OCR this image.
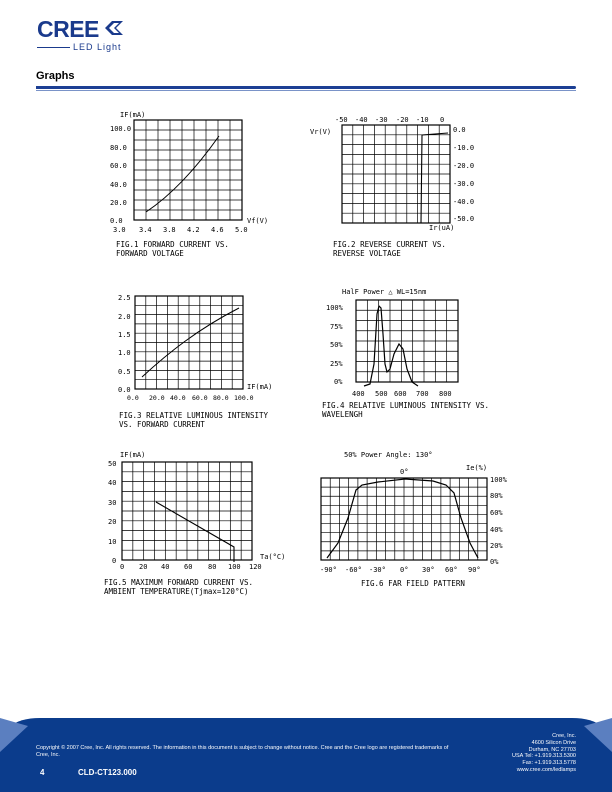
CREE
LED Light
Graphs
IF(mA)
100.0
80.0
60.0
40.0
20.0
0.0
3.0 3.4 3.8 4.2 4.6 5.0
Vf(V)
FIG.1 FORWARD CURRENT VS.
FORWARD VOLTAGE
Vr(V)
-50 -40 -30 -20 -10 0
0.0
-10.0
-20.0
-30.0
-40.0
-50.0
Ir(uA)
FIG.2 REVERSE CURRENT VS.
REVERSE VOLTAGE
2.5
2.0
1.5
1.0
0.5
0.0
0.0 20.0 40.0 60.0 80.0 100.0
IF(mA)
FIG.3 RELATIVE LUMINOUS INTENSITY
VS. FORWARD CURRENT
HalF Power △ WL=15nm
100%
75%
50%
25%
0%
400 500 600 700 800
FIG.4 RELATIVE LUMINOUS INTENSITY VS.
WAVELENGH
IF(mA)
50
40
30
20
10
0
0 20 40 60 80 100 120
Ta(°C)
FIG.5 MAXIMUM FORWARD CURRENT VS.
AMBIENT TEMPERATURE(Tjmax=120°C)
50% Power Angle: 130°
0°	Ie(%)
100%
80%
60%
40%
20%
0%
-90° -60° -30° 0° 30° 60° 90°
FIG.6 FAR FIELD PATTERN
Copyright © 2007 Cree, Inc. All rights reserved. The information in this document is subject to change without notice. Cree and the Cree logo are registered trademarks of Cree, Inc.
4	CLD-CT123.000
Cree, Inc.
4600 Silicon Drive
Durham, NC 27703
USA Tel: +1.919.313.5300
Fax: +1.919.313.5778
www.cree.com/ledlamps
